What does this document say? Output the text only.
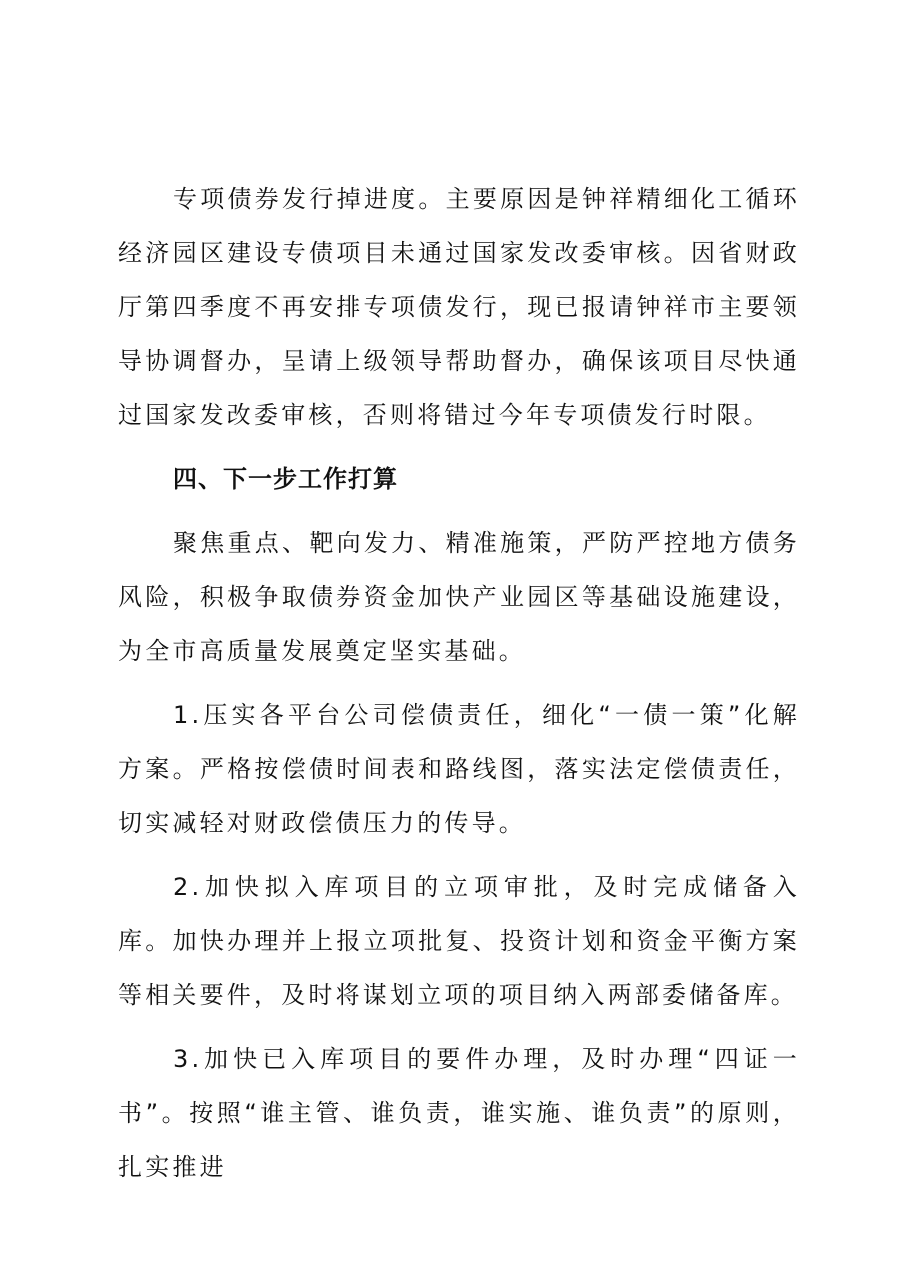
专项债券发行掉进度。主要原因是钟祥精细化工循环经济园区建设专债项目未通过国家发改委审核。因省财政厅第四季度不再安排专项债发行，现已报请钟祥市主要领导协调督办，呈请上级领导帮助督办，确保该项目尽快通过国家发改委审核，否则将错过今年专项债发行时限。

四、下一步工作打算

聚焦重点、靶向发力、精准施策，严防严控地方债务风险，积极争取债券资金加快产业园区等基础设施建设，为全市高质量发展奠定坚实基础。

1.压实各平台公司偿债责任，细化“一债一策”化解方案。严格按偿债时间表和路线图，落实法定偿债责任，切实减轻对财政偿债压力的传导。

2.加快拟入库项目的立项审批，及时完成储备入库。加快办理并上报立项批复、投资计划和资金平衡方案等相关要件，及时将谋划立项的项目纳入两部委储备库。

3.加快已入库项目的要件办理，及时办理“四证一书”。按照“谁主管、谁负责，谁实施、谁负责”的原则，扎实推进
